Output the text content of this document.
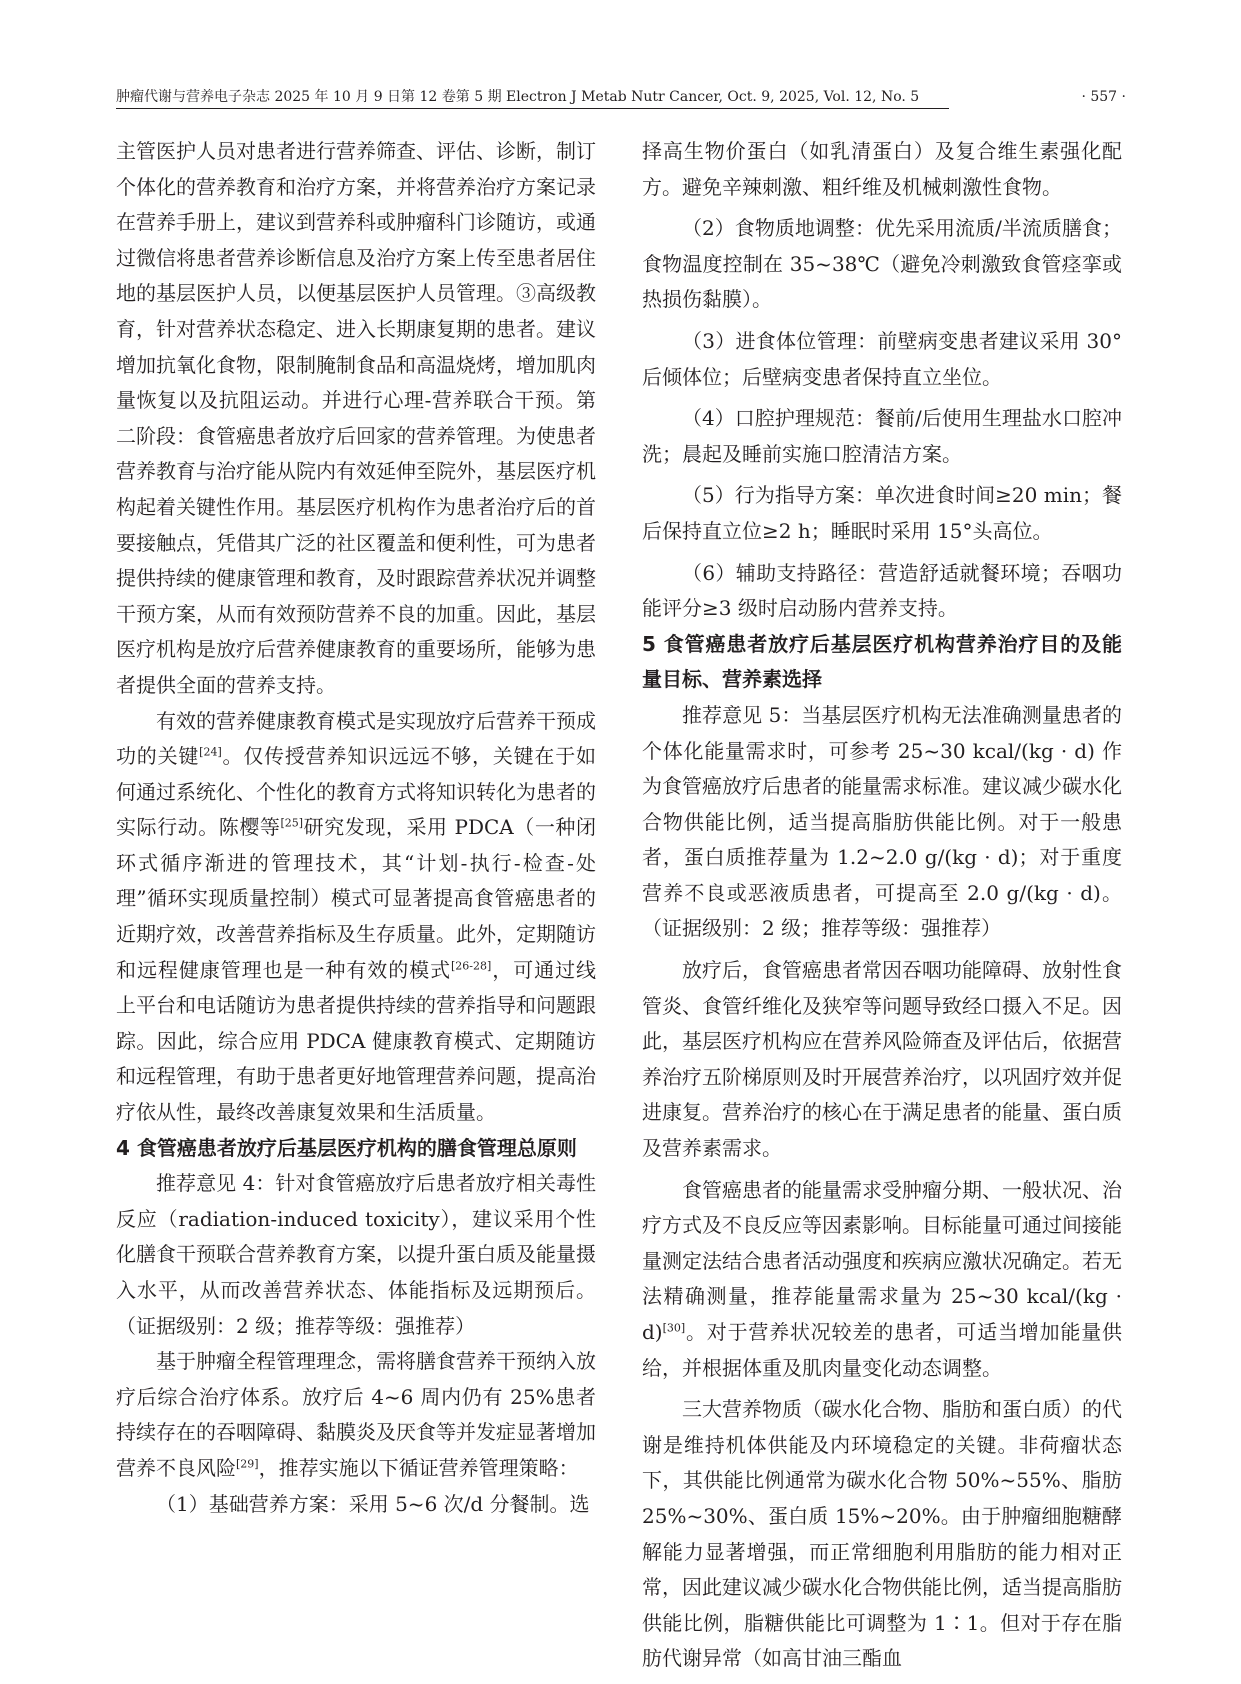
肿瘤代谢与营养电子杂志 2025 年 10 月 9 日第 12 卷第 5 期 Electron J Metab Nutr Cancer, Oct. 9, 2025, Vol. 12, No. 5	· 557 ·

主管医护人员对患者进行营养筛查、评估、诊断，制订个体化的营养教育和治疗方案，并将营养治疗方案记录在营养手册上，建议到营养科或肿瘤科门诊随访，或通过微信将患者营养诊断信息及治疗方案上传至患者居住地的基层医护人员，以便基层医护人员管理。③高级教育，针对营养状态稳定、进入长期康复期的患者。建议增加抗氧化食物，限制腌制食品和高温烧烤，增加肌肉量恢复以及抗阻运动。并进行心理-营养联合干预。第二阶段：食管癌患者放疗后回家的营养管理。为使患者营养教育与治疗能从院内有效延伸至院外，基层医疗机构起着关键性作用。基层医疗机构作为患者治疗后的首要接触点，凭借其广泛的社区覆盖和便利性，可为患者提供持续的健康管理和教育，及时跟踪营养状况并调整干预方案，从而有效预防营养不良的加重。因此，基层医疗机构是放疗后营养健康教育的重要场所，能够为患者提供全面的营养支持。

有效的营养健康教育模式是实现放疗后营养干预成功的关键[24]。仅传授营养知识远远不够，关键在于如何通过系统化、个性化的教育方式将知识转化为患者的实际行动。陈樱等[25]研究发现，采用 PDCA（一种闭环式循序渐进的管理技术，其“计划-执行-检查-处理”循环实现质量控制）模式可显著提高食管癌患者的近期疗效，改善营养指标及生存质量。此外，定期随访和远程健康管理也是一种有效的模式[26-28]，可通过线上平台和电话随访为患者提供持续的营养指导和问题跟踪。因此，综合应用 PDCA 健康教育模式、定期随访和远程管理，有助于患者更好地管理营养问题，提高治疗依从性，最终改善康复效果和生活质量。

4 食管癌患者放疗后基层医疗机构的膳食管理总原则

推荐意见 4：针对食管癌放疗后患者放疗相关毒性反应（radiation-induced toxicity），建议采用个性化膳食干预联合营养教育方案，以提升蛋白质及能量摄入水平，从而改善营养状态、体能指标及远期预后。（证据级别：2 级；推荐等级：强推荐）

基于肿瘤全程管理理念，需将膳食营养干预纳入放疗后综合治疗体系。放疗后 4~6 周内仍有 25%患者持续存在的吞咽障碍、黏膜炎及厌食等并发症显著增加营养不良风险[29]，推荐实施以下循证营养管理策略：

（1）基础营养方案：采用 5~6 次/d 分餐制。选

择高生物价蛋白（如乳清蛋白）及复合维生素强化配方。避免辛辣刺激、粗纤维及机械刺激性食物。

（2）食物质地调整：优先采用流质/半流质膳食；食物温度控制在 35~38℃（避免冷刺激致食管痉挛或热损伤黏膜）。

（3）进食体位管理：前壁病变患者建议采用 30°后倾体位；后壁病变患者保持直立坐位。

（4）口腔护理规范：餐前/后使用生理盐水口腔冲洗；晨起及睡前实施口腔清洁方案。

（5）行为指导方案：单次进食时间≥20 min；餐后保持直立位≥2 h；睡眠时采用 15°头高位。

（6）辅助支持路径：营造舒适就餐环境；吞咽功能评分≥3 级时启动肠内营养支持。

5 食管癌患者放疗后基层医疗机构营养治疗目的及能量目标、营养素选择

推荐意见 5：当基层医疗机构无法准确测量患者的个体化能量需求时，可参考 25~30 kcal/(kg · d) 作为食管癌放疗后患者的能量需求标准。建议减少碳水化合物供能比例，适当提高脂肪供能比例。对于一般患者，蛋白质推荐量为 1.2~2.0 g/(kg · d)；对于重度营养不良或恶液质患者，可提高至 2.0 g/(kg · d)。（证据级别：2 级；推荐等级：强推荐）

放疗后，食管癌患者常因吞咽功能障碍、放射性食管炎、食管纤维化及狭窄等问题导致经口摄入不足。因此，基层医疗机构应在营养风险筛查及评估后，依据营养治疗五阶梯原则及时开展营养治疗，以巩固疗效并促进康复。营养治疗的核心在于满足患者的能量、蛋白质及营养素需求。

食管癌患者的能量需求受肿瘤分期、一般状况、治疗方式及不良反应等因素影响。目标能量可通过间接能量测定法结合患者活动强度和疾病应激状况确定。若无法精确测量，推荐能量需求量为 25~30 kcal/(kg · d)[30]。对于营养状况较差的患者，可适当增加能量供给，并根据体重及肌肉量变化动态调整。

三大营养物质（碳水化合物、脂肪和蛋白质）的代谢是维持机体供能及内环境稳定的关键。非荷瘤状态下，其供能比例通常为碳水化合物 50%~55%、脂肪 25%~30%、蛋白质 15%~20%。由于肿瘤细胞糖酵解能力显著增强，而正常细胞利用脂肪的能力相对正常，因此建议减少碳水化合物供能比例，适当提高脂肪供能比例，脂糖供能比可调整为 1∶1。但对于存在脂肪代谢异常（如高甘油三酯血
